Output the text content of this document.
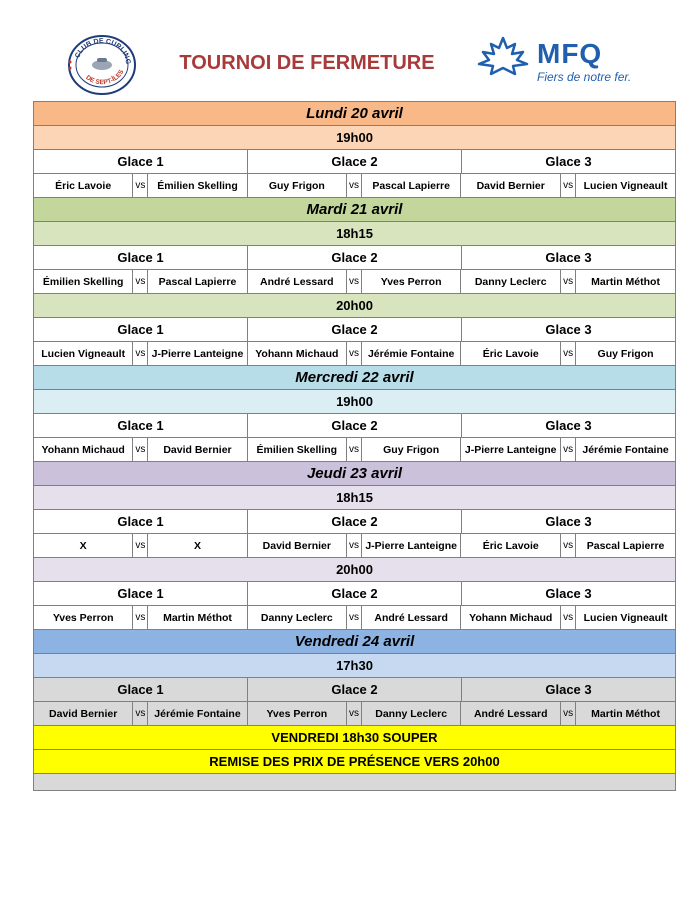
CLUB DE CURLING
DE SEPT-ÎLES	TOURNOI DE FERMETURE	MFQ
Fiers de notre fer.
Lundi 20 avril
19h00
Glace 1	Glace 2	Glace 3
Éric Lavoie	vs	Émilien Skelling	Guy Frigon	vs	Pascal Lapierre	David Bernier	vs	Lucien Vigneault
Mardi 21 avril
18h15
Glace 1	Glace 2	Glace 3
Émilien Skelling	vs	Pascal Lapierre	André Lessard	vs	Yves Perron	Danny Leclerc	vs	Martin Méthot
20h00
Glace 1	Glace 2	Glace 3
Lucien Vigneault	vs J-Pierre Lanteigne	Yohann Michaud	vs Jérémie Fontaine	Éric Lavoie	vs	Guy Frigon
Mercredi 22 avril
19h00
Glace 1	Glace 2	Glace 3
Yohann Michaud	vs	David Bernier	Émilien Skelling	vs	Guy Frigon	J-Pierre Lanteigne vs Jérémie Fontaine
Jeudi 23 avril
18h15
Glace 1	Glace 2	Glace 3
X	vs	X	David Bernier	vs J-Pierre Lanteigne	Éric Lavoie	vs	Pascal Lapierre
20h00
Glace 1	Glace 2	Glace 3
Yves Perron	vs	Martin Méthot	Danny Leclerc	vs	André Lessard	Yohann Michaud	vs	Lucien Vigneault
Vendredi 24 avril
17h30
Glace 1	Glace 2	Glace 3
David Bernier	vs Jérémie Fontaine	Yves Perron	vs	Danny Leclerc	André Lessard	vs	Martin Méthot
VENDREDI 18h30 SOUPER
REMISE DES PRIX DE PRÉSENCE VERS 20h00
